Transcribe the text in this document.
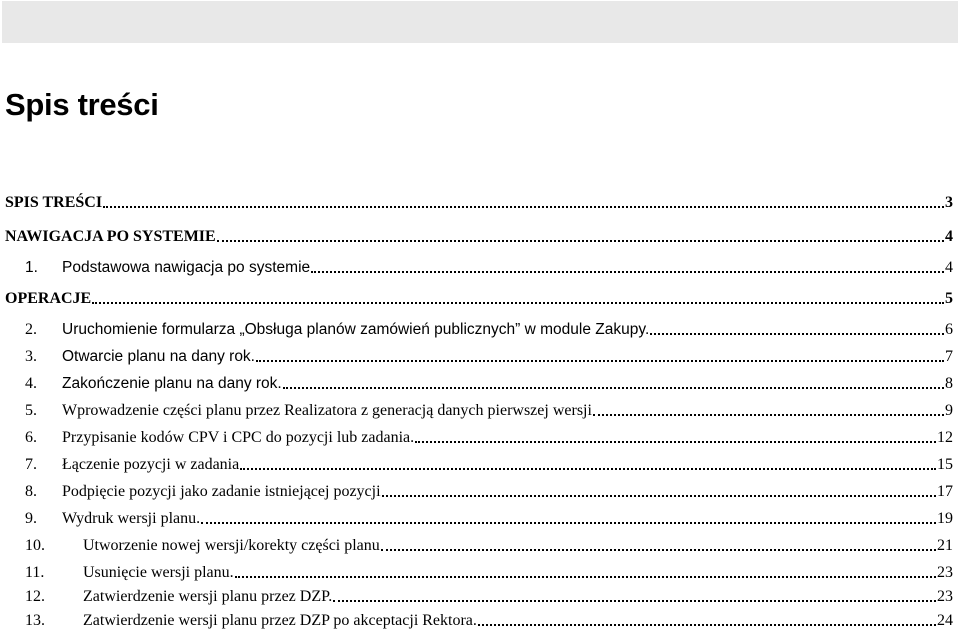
Spis treści
SPIS TREŚCI	3
NAWIGACJA PO SYSTEMIE	4
1.	Podstawowa nawigacja po systemie	4
OPERACJE	5
2.	Uruchomienie formularza „Obsługa planów zamówień publicznych” w module Zakupy.	6
3.	Otwarcie planu na dany rok.	7
4.	Zakończenie planu na dany rok.	8
5.	Wprowadzenie części planu przez Realizatora z generacją danych pierwszej wersji	9
6.	Przypisanie kodów CPV i CPC do pozycji lub zadania.	12
7.	Łączenie pozycji w zadania	15
8.	Podpięcie pozycji jako zadanie istniejącej pozycji	17
9.	Wydruk wersji planu.	19
10.	Utworzenie nowej wersji/korekty części planu	21
11.	Usunięcie wersji planu.	23
12.	Zatwierdzenie wersji planu przez DZP.	23
13.	Zatwierdzenie wersji planu przez DZP po akceptacji Rektora.	24
